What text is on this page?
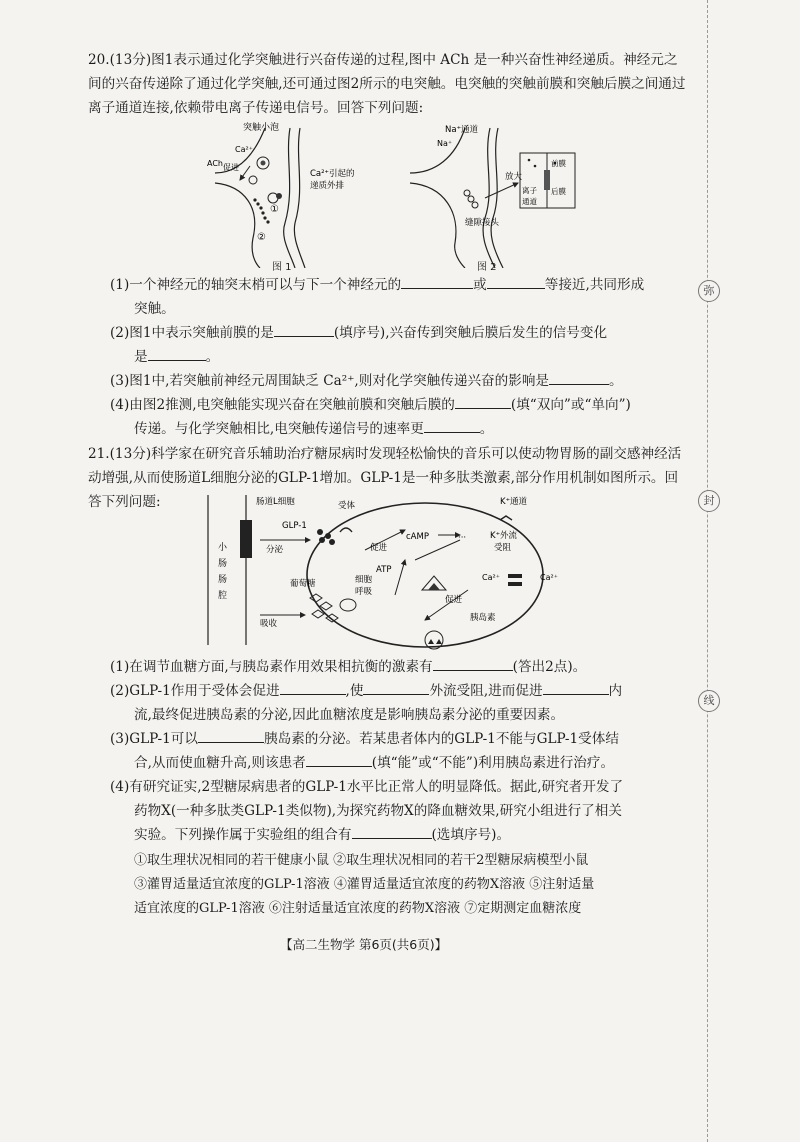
20.(13分)图1表示通过化学突触进行兴奋传递的过程,图中 ACh 是一种兴奋性神经递质。神经元之间的兴奋传递除了通过化学突触,还可通过图2所示的电突触。电突触的突触前膜和突触后膜之间通过离子通道连接,依赖带电离子传递电信号。回答下列问题:
突触小泡
Ca²⁺
促进
ACh
Ca²⁺引起的
递质外排
①
②
图 1
Na⁺通道
Na⁺
放大
缝隙接头
前膜
后膜
离子
通道
图 2
(1)一个神经元的轴突末梢可以与下一个神经元的	或	等接近,共同形成
突触。
(2)图1中表示突触前膜的是	(填序号),兴奋传到突触后膜后发生的信号变化
是	。
(3)图1中,若突触前神经元周围缺乏 Ca²⁺,则对化学突触传递兴奋的影响是	。
(4)由图2推测,电突触能实现兴奋在突触前膜和突触后膜的	(填“双向”或“单向”)
传递。与化学突触相比,电突触传递信号的速率更	。
21.(13分)科学家在研究音乐辅助治疗糖尿病时发现轻松愉快的音乐可以使动物胃肠的副交感神经活动增强,从而使肠道L细胞分泌的GLP-1增加。GLP-1是一种多肽类激素,部分作用机制如图所示。回答下列问题:
小
肠
肠
腔
肠道L细胞	受体
GLP-1
分泌	促进
cAMP	···
K⁺通道
K⁺外流
受阻
ATP
细胞
呼吸
葡萄糖
吸收
促进
Ca²⁺	Ca²⁺
胰岛素
(1)在调节血糖方面,与胰岛素作用效果相抗衡的激素有	(答出2点)。
(2)GLP-1作用于受体会促进	,使	外流受阻,进而促进	内
流,最终促进胰岛素的分泌,因此血糖浓度是影响胰岛素分泌的重要因素。
(3)GLP-1可以	胰岛素的分泌。若某患者体内的GLP-1不能与GLP-1受体结
合,从而使血糖升高,则该患者	(填“能”或“不能”)利用胰岛素进行治疗。
(4)有研究证实,2型糖尿病患者的GLP-1水平比正常人的明显降低。据此,研究者开发了
药物X(一种多肽类GLP-1类似物),为探究药物X的降血糖效果,研究小组进行了相关
实验。下列操作属于实验组的组合有	(选填序号)。
①取生理状况相同的若干健康小鼠 ②取生理状况相同的若干2型糖尿病模型小鼠
③灌胃适量适宜浓度的GLP-1溶液 ④灌胃适量适宜浓度的药物X溶液 ⑤注射适量
适宜浓度的GLP-1溶液 ⑥注射适量适宜浓度的药物X溶液 ⑦定期测定血糖浓度
【高二生物学 第6页(共6页)】
弥
封
线
